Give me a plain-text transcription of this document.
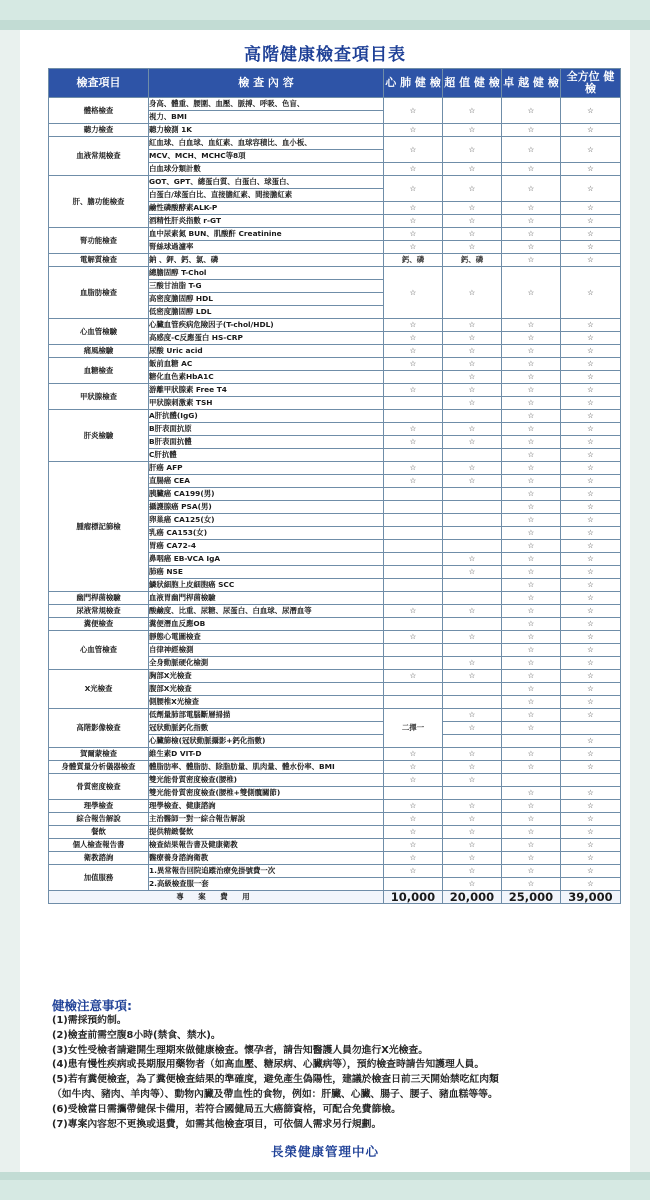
高階健康檢查項目表
檢查項目	檢 查 內 容	心 肺 健 檢	超 值 健 檢	卓 越 健 檢	全方位 健 檢
體格檢查	身高、體重、腰圍、血壓、脈搏、呼吸、色盲、	☆	☆	☆	☆
	視力、BMI				
聽力檢查	聽力檢測 1K	☆	☆	☆	☆
血液常規檢查	紅血球、白血球、血紅素、血球容積比、血小板、	☆	☆	☆	☆
	MCV、MCH、MCHC等8項				
	白血球分類計數	☆	☆	☆	☆
肝、膽功能檢查	GOT、GPT、總蛋白質、白蛋白、球蛋白、	☆	☆	☆	☆
	白蛋白/球蛋白比、直接膽紅素、間接膽紅素				
	鹼性磷酸酵素ALK-P	☆	☆	☆	☆
	酒精性肝炎指數 r-GT	☆	☆	☆	☆
腎功能檢查	血中尿素氮 BUN、肌酸酐 Creatinine	☆	☆	☆	☆
	腎絲球過濾率	☆	☆	☆	☆
電解質檢查	鈉 、鉀、鈣、氯、磷	鈣、磷	鈣、磷	☆	☆
血脂肪檢查	總膽固醇 T-Chol	☆	☆	☆	☆
	三酸甘油脂 T-G				
	高密度膽固醇 HDL				
	低密度膽固醇 LDL				
心血管檢驗	心臟血管疾病危險因子(T-chol/HDL)	☆	☆	☆	☆
	高感度-C反應蛋白 HS-CRP	☆	☆	☆	☆
痛風檢驗	尿酸 Uric acid	☆	☆	☆	☆
血糖檢查	飯前血糖 AC	☆	☆	☆	☆
	糖化血色素HbA1C		☆	☆	☆
甲狀腺檢查	游離甲狀腺素 Free T4	☆	☆	☆	☆
	甲狀腺刺激素 TSH		☆	☆	☆
肝炎檢驗	A肝抗體(IgG)			☆	☆
	B肝表面抗原	☆	☆	☆	☆
	B肝表面抗體	☆	☆	☆	☆
	C肝抗體			☆	☆
腫瘤標記篩檢	肝癌 AFP	☆	☆	☆	☆
	直腸癌 CEA	☆	☆	☆	☆
	胰臟癌 CA199(男)			☆	☆
	攝護腺癌 PSA(男)			☆	☆
	卵巢癌 CA125(女)			☆	☆
	乳癌 CA153(女)			☆	☆
	胃癌 CA72-4			☆	☆
	鼻咽癌 EB-VCA IgA		☆	☆	☆
	肺癌 NSE		☆	☆	☆
	鱗狀細胞上皮細胞癌 SCC			☆	☆
幽門桿菌檢驗	血液胃幽門桿菌檢驗			☆	☆
尿液常規檢查	酸鹼度、比重、尿糖、尿蛋白、白血球、尿潛血等	☆	☆	☆	☆
糞便檢查	糞便潛血反應OB			☆	☆
心血管檢查	靜態心電圖檢查	☆	☆	☆	☆
	自律神經檢測			☆	☆
	全身動脈硬化檢測		☆	☆	☆
X光檢查	胸部X光檢查	☆	☆	☆	☆
	腹部X光檢查			☆	☆
	側腰椎X光檢查			☆	☆
高階影像檢查	低劑量肺部電腦斷層掃描	二擇一	☆	☆	☆
	冠狀動脈鈣化指數		☆	☆	
	心臟篩檢(冠狀動脈攝影+鈣化指數)				☆
賀爾蒙檢查	維生素D VIT-D	☆	☆	☆	☆
身體質量分析儀器檢查	體脂肪率、體脂肪、除脂肪量、肌肉量、體水份率、BMI	☆	☆	☆	☆
骨質密度檢查	雙光能骨質密度檢查(腰椎)	☆	☆		
	雙光能骨質密度檢查(腰椎+雙側髖關節)			☆	☆
理學檢查	理學檢查、健康諮詢	☆	☆	☆	☆
綜合報告解說	主治醫師一對一綜合報告解說	☆	☆	☆	☆
餐飲	提供精緻餐飲	☆	☆	☆	☆
個人檢查報告書	檢查結果報告書及健康衛教	☆	☆	☆	☆
衛教諮詢	醫療養身諮詢衛教	☆	☆	☆	☆
加值服務	1.異常報告回院追蹤治療免掛號費一次	☆	☆	☆	☆
	2.高級檢查服一套		☆	☆	☆
專 案 費 用		10,000	20,000	25,000	39,000
健檢注意事項:
(1)需採預約制。
(2)檢查前需空腹8小時(禁食、禁水)。
(3)女性受檢者請避開生理期來做健康檢查。懷孕者，請告知醫護人員勿進行X光檢查。
(4)患有慢性疾病或長期服用藥物者（如高血壓、糖尿病、心臟病等），預約檢查時請告知護理人員。
(5)若有糞便檢查，為了糞便檢查結果的準確度，避免產生偽陽性，建議於檢查日前三天開始禁吃紅肉類
（如牛肉、豬肉、羊肉等）、動物內臟及帶血性的食物，例如：肝臟、心臟、腸子、腰子、豬血糕等等。
(6)受檢當日需攜帶健保卡備用，若符合國健局五大癌篩資格，可配合免費篩檢。
(7)專案內容恕不更換或退費，如需其他檢查項目，可依個人需求另行規劃。
長榮健康管理中心
